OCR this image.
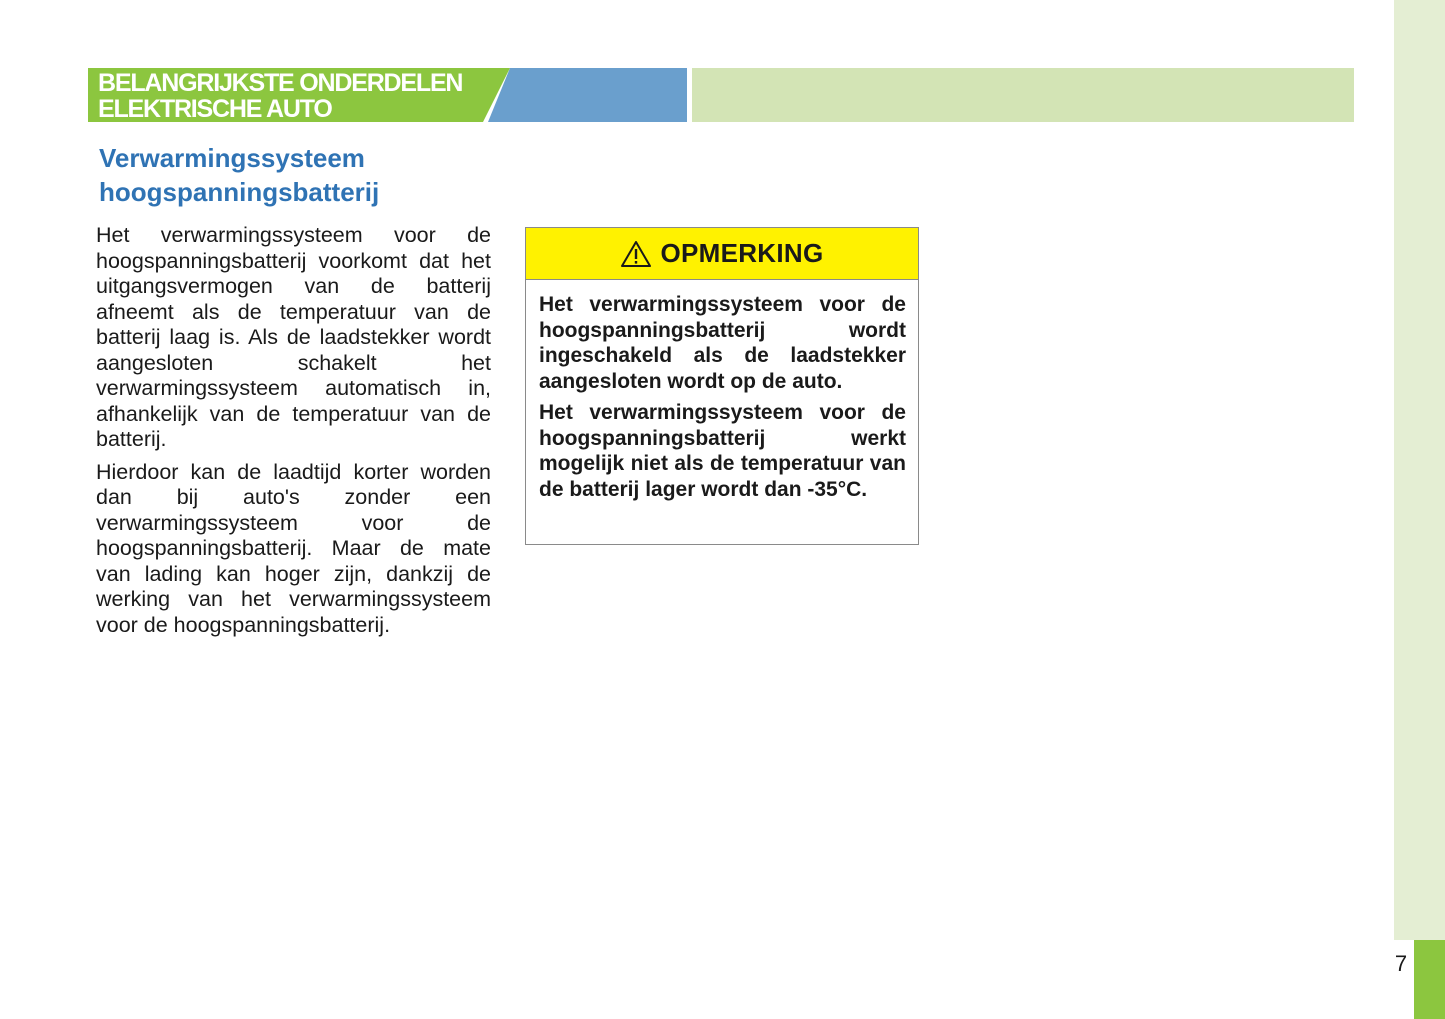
7
BELANGRIJKSTE ONDERDELEN
ELEKTRISCHE AUTO
Verwarmingssysteem
hoogspanningsbatterij

Het verwarmingssysteem voor de hoogspanningsbatterij voorkomt dat het uitgangsvermogen van de batterij afneemt als de temperatuur van de batterij laag is. Als de laadstekker wordt aangesloten schakelt het verwarmingssysteem automatisch in, afhankelijk van de temperatuur van de batterij.

Hierdoor kan de laadtijd korter worden dan bij auto's zonder een verwarmingssysteem voor de hoogspanningsbatterij. Maar de mate van lading kan hoger zijn, dankzij de werking van het verwarmingssysteem voor de hoogspanningsbatterij.

OPMERKING

Het verwarmingssysteem voor de hoogspanningsbatterij wordt ingeschakeld als de laadstekker aangesloten wordt op de auto.

Het verwarmingssysteem voor de hoogspanningsbatterij werkt mogelijk niet als de temperatuur van de batterij lager wordt dan -35°C.
